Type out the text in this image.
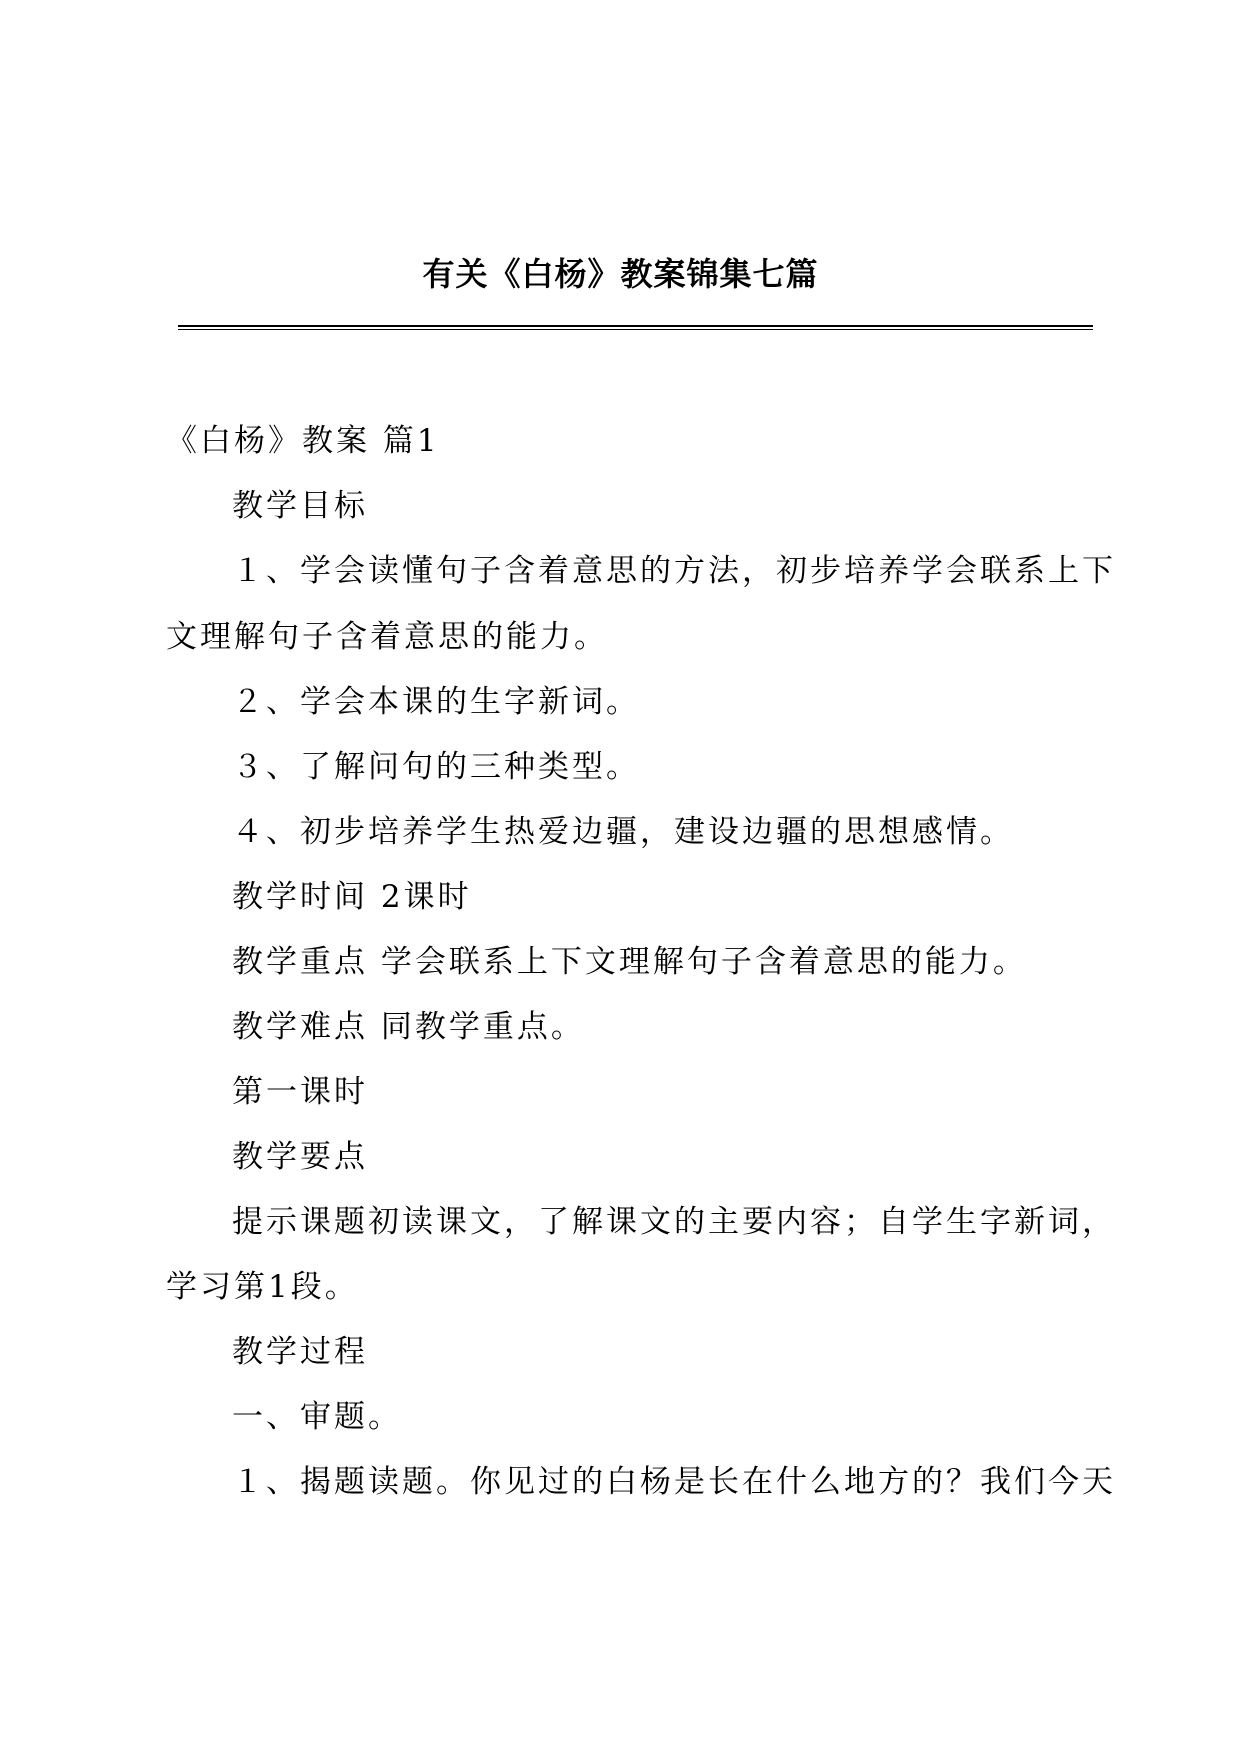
有关《白杨》教案锦集七篇
《白杨》教案 篇1
教学目标
１、学会读懂句子含着意思的方法，初步培养学会联系上下
文理解句子含着意思的能力。
２、学会本课的生字新词。
３、了解问句的三种类型。
４、初步培养学生热爱边疆，建设边疆的思想感情。
教学时间 2课时
教学重点 学会联系上下文理解句子含着意思的能力。
教学难点 同教学重点。
第一课时
教学要点
提示课题初读课文，了解课文的主要内容；自学生字新词，
学习第1段。
教学过程
一、审题。
１、揭题读题。你见过的白杨是长在什么地方的？我们今天
